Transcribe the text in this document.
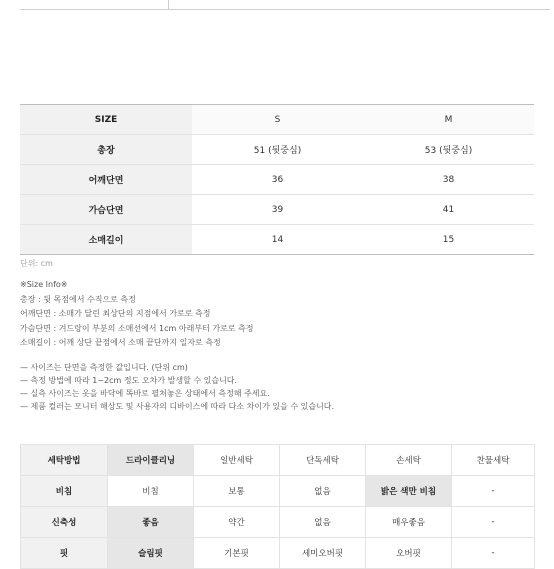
SIZE	S	M
총장	51 (뒷중심)	53 (뒷중심)
어깨단면	36	38
가슴단면	39	41
소매길이	14	15
단위: cm
※Size Info※
총장 : 뒷 목점에서 수직으로 측정
어깨단면 : 소매가 달린 최상단의 지점에서 가로로 측정
가슴단면 : 겨드랑이 부분의 소매선에서 1cm 아래부터 가로로 측정
소매길이 : 어깨 상단 끝점에서 소매 끝단까지 일자로 측정
— 사이즈는 단면을 측정한 값입니다. (단위 cm)
— 측정 방법에 따라 1~2cm 정도 오차가 발생할 수 있습니다.
— 실측 사이즈는 옷을 바닥에 똑바로 펼쳐놓은 상태에서 측정해 주세요.
— 제품 컬러는 모니터 해상도 및 사용자의 디바이스에 따라 다소 차이가 있을 수 있습니다.
세탁방법	드라이클리닝	일반세탁	단독세탁	손세탁	찬물세탁
비침	비침	보통	없음	밝은 색만 비침	-
신축성	좋음	약간	없음	매우좋음	-
핏	슬림핏	기본핏	세미오버핏	오버핏	-
